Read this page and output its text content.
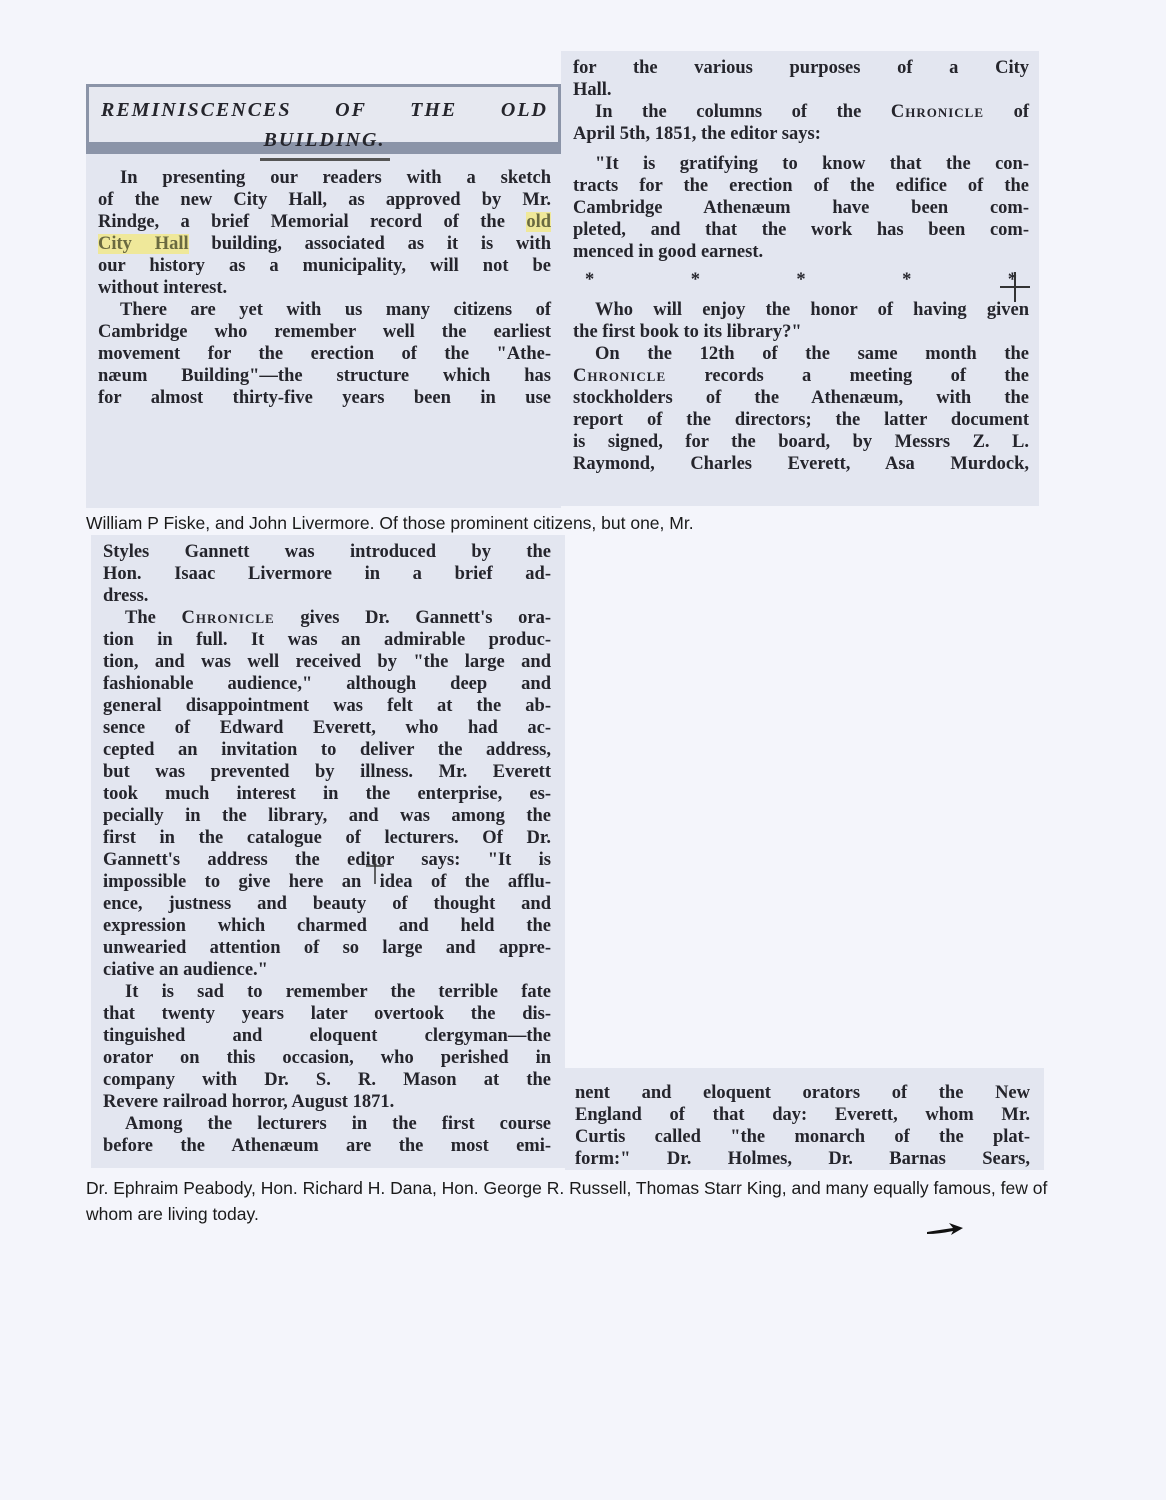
REMINISCENCES OF THE OLD

BUILDING.

In presenting our readers with a sketch

of the new City Hall, as approved by Mr.

Rindge, a brief Memorial record of the old

City Hall building, associated as it is with

our history as a municipality, will not be

without interest.

There are yet with us many citizens of

Cambridge who remember well the earliest

movement for the erection of the "Athe-

næum Building"—the structure which has

for almost thirty-five years been in use

for the various purposes of a City

Hall.

In the columns of the Chronicle of

April 5th, 1851, the editor says:

"It is gratifying to know that the con-

tracts for the erection of the edifice of the

Cambridge Athenæum have been com-

pleted, and that the work has been com-

menced in good earnest.

*	*	*	*	*

Who will enjoy the honor of having given

the first book to its library?"

On the 12th of the same month the

Chronicle records a meeting of the

stockholders of the Athenæum, with the

report of the directors; the latter document

is signed, for the board, by Messrs Z. L.

Raymond, Charles Everett, Asa Murdock,

William P Fiske, and John Livermore. Of those prominent citizens, but one, Mr.

Styles Gannett was introduced by the

Hon. Isaac Livermore in a brief ad-

dress.

The Chronicle gives Dr. Gannett's ora-

tion in full. It was an admirable produc-

tion, and was well received by "the large and

fashionable audience," although deep and

general disappointment was felt at the ab-

sence of Edward Everett, who had ac-

cepted an invitation to deliver the address,

but was prevented by illness. Mr. Everett

took much interest in the enterprise, es-

pecially in the library, and was among the

first in the catalogue of lecturers. Of Dr.

Gannett's address the editor says: "It is

impossible to give here an idea of the afflu-

ence, justness and beauty of thought and

expression which charmed and held the

unwearied attention of so large and appre-

ciative an audience."

It is sad to remember the terrible fate

that twenty years later overtook the dis-

tinguished and eloquent clergyman—the

orator on this occasion, who perished in

company with Dr. S. R. Mason at the

Revere railroad horror, August 1871.

Among the lecturers in the first course

before the Athenæum are the most emi-

nent and eloquent orators of the New

England of that day: Everett, whom Mr.

Curtis called "the monarch of the plat-

form:" Dr. Holmes, Dr. Barnas Sears,

Dr. Ephraim Peabody, Hon. Richard H. Dana, Hon. George R. Russell, Thomas Starr King, and many equally famous, few of whom are living today.
